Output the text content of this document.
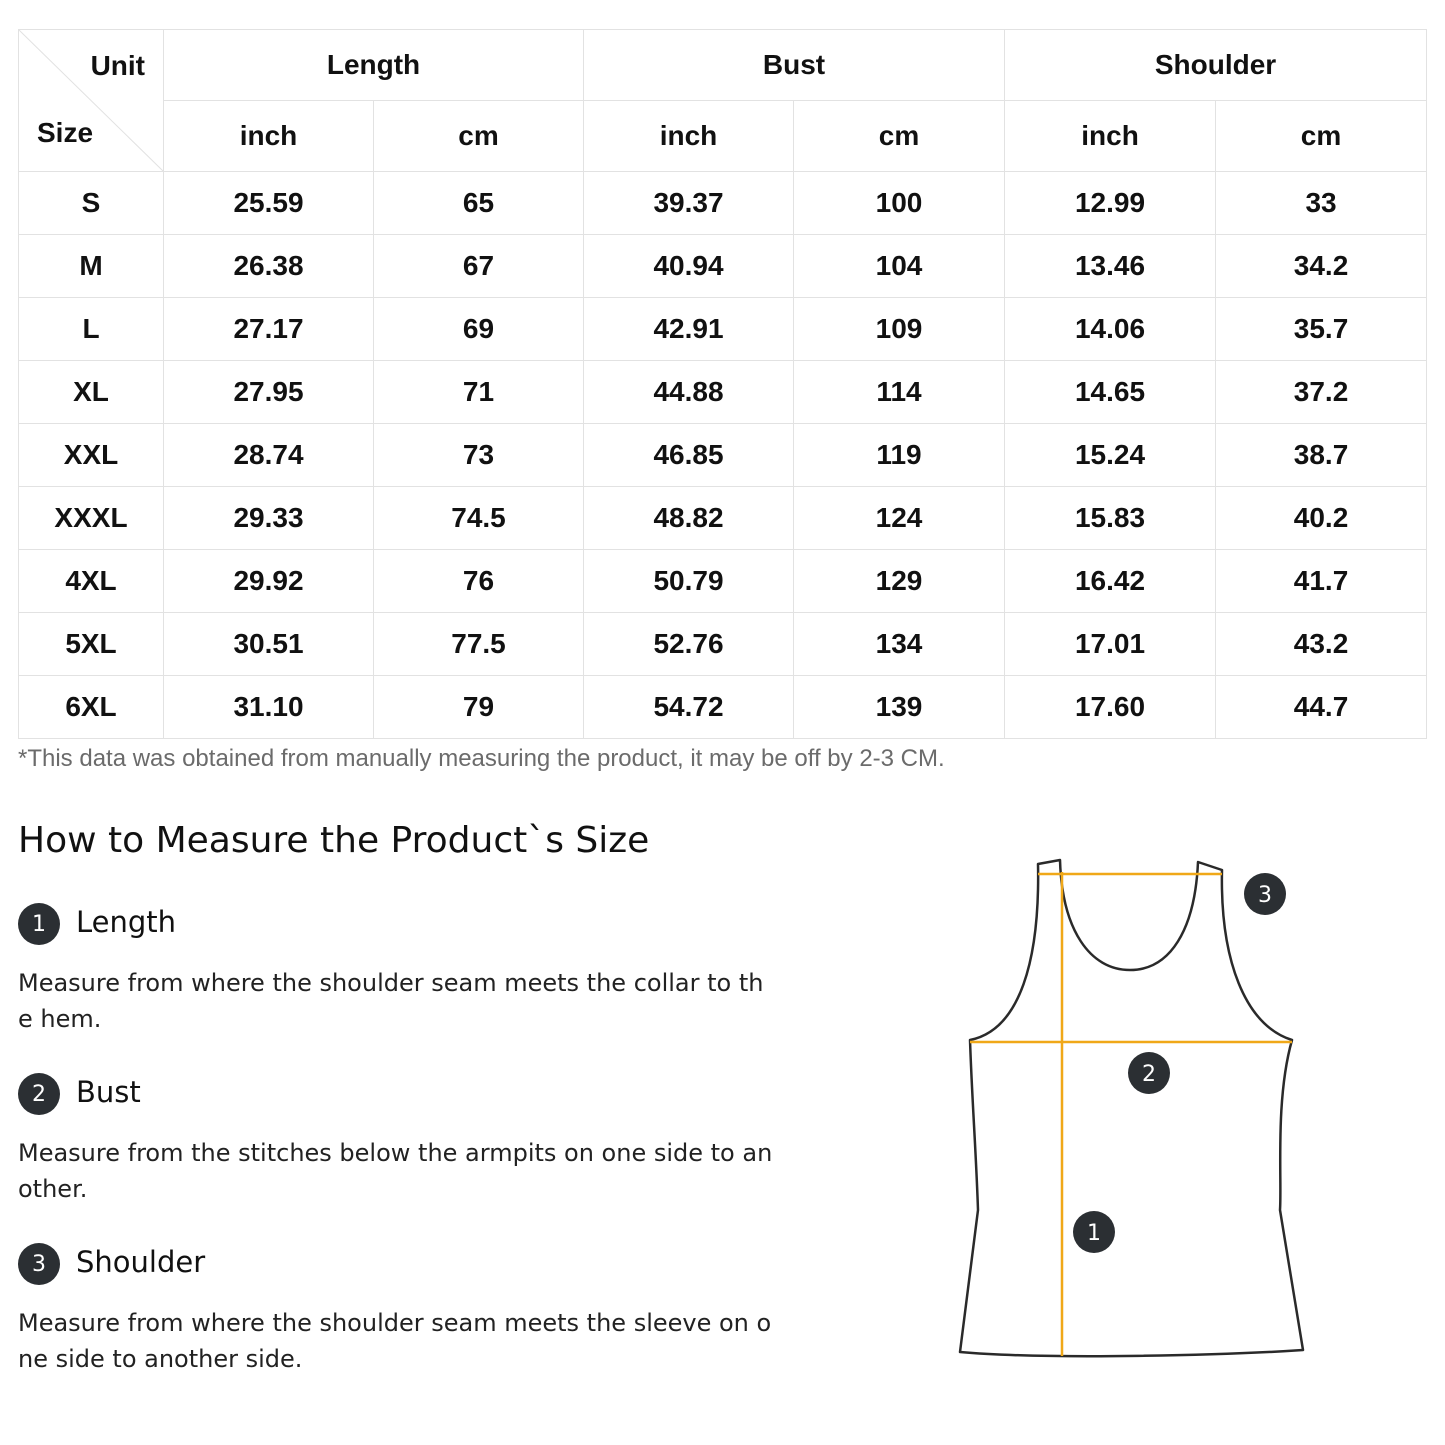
Unit
Size	Length		Bust		Shoulder	
	inch	cm	inch	cm	inch	cm
S	25.59	65	39.37	100	12.99	33
M	26.38	67	40.94	104	13.46	34.2
L	27.17	69	42.91	109	14.06	35.7
XL	27.95	71	44.88	114	14.65	37.2
XXL	28.74	73	46.85	119	15.24	38.7
XXXL	29.33	74.5	48.82	124	15.83	40.2
4XL	29.92	76	50.79	129	16.42	41.7
5XL	30.51	77.5	52.76	134	17.01	43.2
6XL	31.10	79	54.72	139	17.60	44.7
*This data was obtained from manually measuring the product, it may be off by 2-3 CM.
How to Measure the Product`s Size
1	Length
Measure from where the shoulder seam meets the collar to the hem.
2	Bust
Measure from the stitches below the armpits on one side to another.
3	Shoulder
Measure from where the shoulder seam meets the sleeve on one side to another side.
3
2
1
